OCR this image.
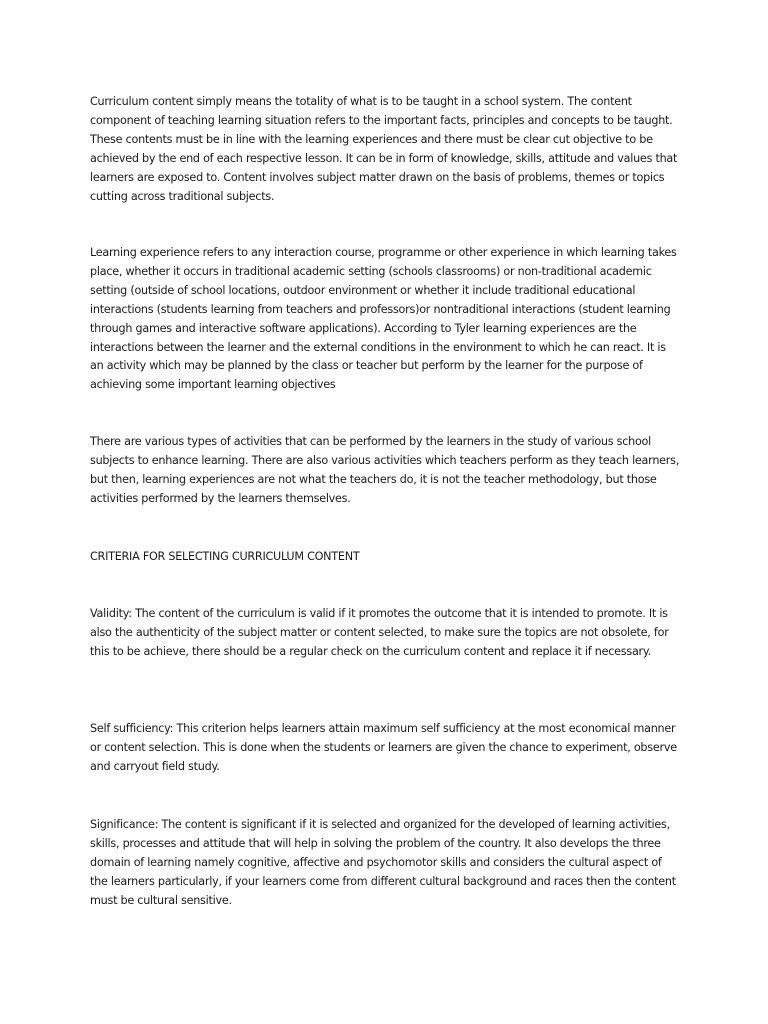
Curriculum content simply means the totality of what is to be taught in a school system. The content component of teaching learning situation refers to the important facts, principles and concepts to be taught. These contents must be in line with the learning experiences and there must be clear cut objective to be achieved by the end of each respective lesson. It can be in form of knowledge, skills, attitude and values that learners are exposed to. Content involves subject matter drawn on the basis of problems, themes or topics cutting across traditional subjects.

Learning experience refers to any interaction course, programme or other experience in which learning takes place, whether it occurs in traditional academic setting (schools classrooms) or non-traditional academic setting (outside of school locations, outdoor environment or whether it include traditional educational interactions (students learning from teachers and professors)or nontraditional interactions (student learning through games and interactive software applications). According to Tyler learning experiences are the interactions between the learner and the external conditions in the environment to which he can react. It is an activity which may be planned by the class or teacher but perform by the learner for the purpose of achieving some important learning objectives

There are various types of activities that can be performed by the learners in the study of various school subjects to enhance learning. There are also various activities which teachers perform as they teach learners, but then, learning experiences are not what the teachers do, it is not the teacher methodology, but those activities performed by the learners themselves.

CRITERIA FOR SELECTING CURRICULUM CONTENT

Validity: The content of the curriculum is valid if it promotes the outcome that it is intended to promote. It is also the authenticity of the subject matter or content selected, to make sure the topics are not obsolete, for this to be achieve, there should be a regular check on the curriculum content and replace it if necessary.

Self sufficiency: This criterion helps learners attain maximum self sufficiency at the most economical manner or content selection. This is done when the students or learners are given the chance to experiment, observe and carryout field study.

Significance: The content is significant if it is selected and organized for the developed of learning activities, skills, processes and attitude that will help in solving the problem of the country. It also develops the three domain of learning namely cognitive, affective and psychomotor skills and considers the cultural aspect of the learners particularly, if your learners come from different cultural background and races then the content must be cultural sensitive.
